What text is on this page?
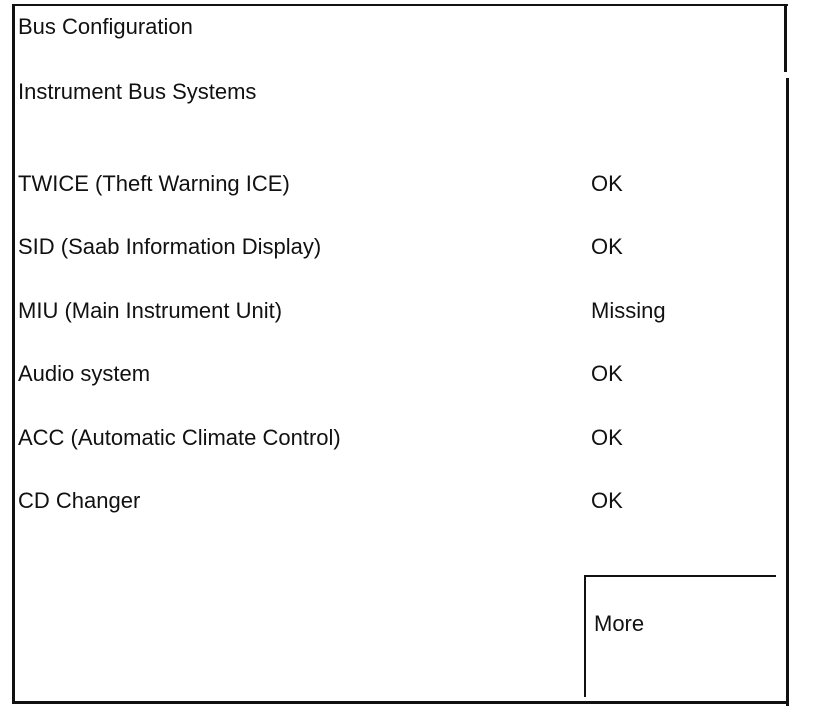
Bus Configuration
Instrument Bus Systems
TWICE (Theft Warning ICE)	OK
SID (Saab Information Display)	OK
MIU (Main Instrument Unit)	Missing
Audio system	OK
ACC (Automatic Climate Control)	OK
CD Changer	OK
More
